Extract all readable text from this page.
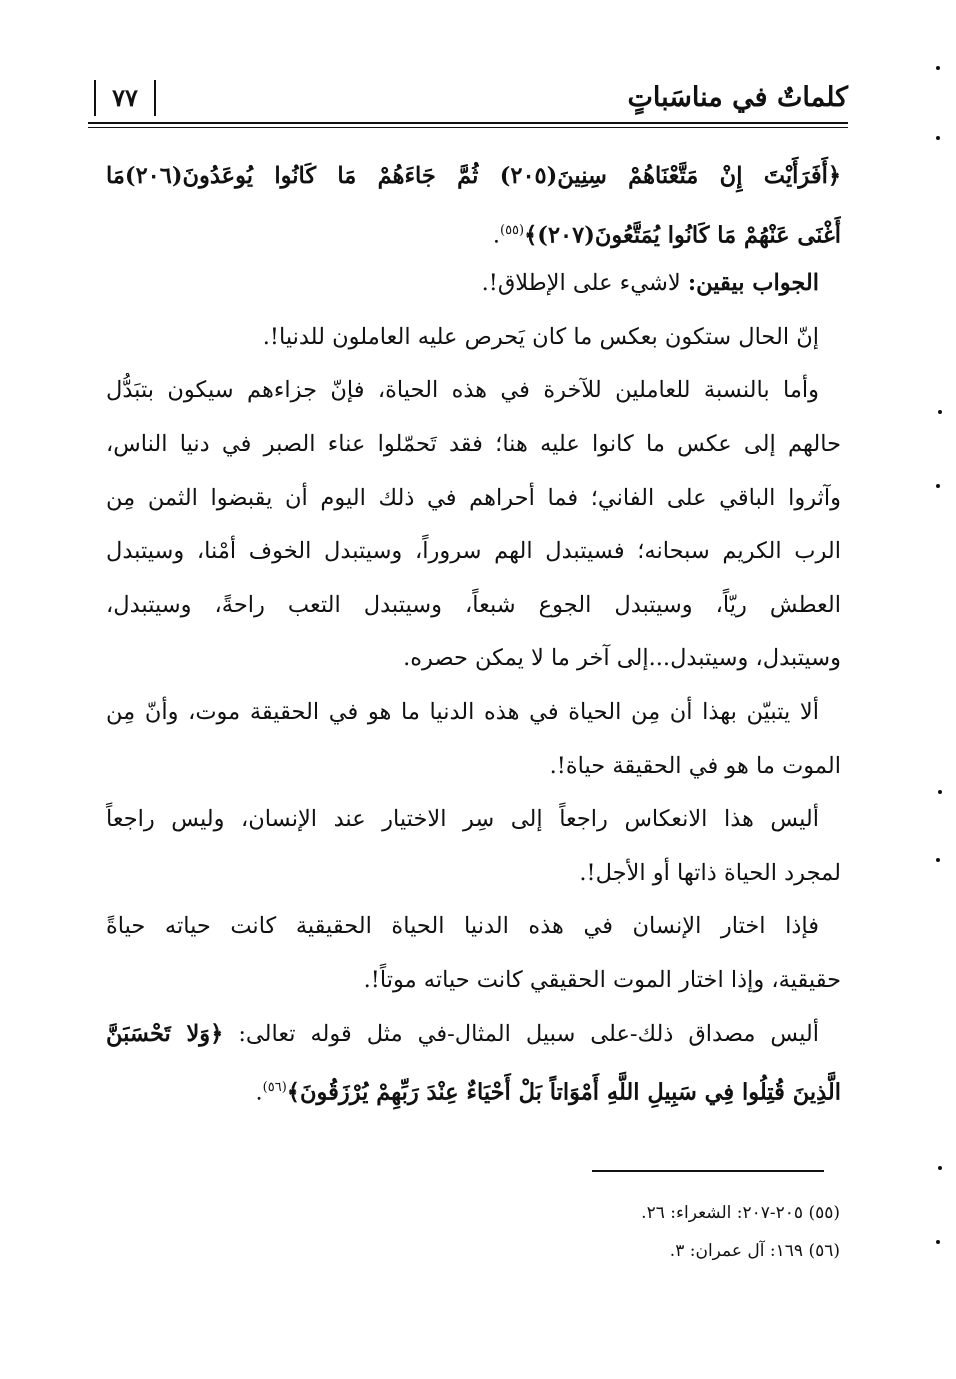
٧٧	كلماتٌ في مناسَباتٍ
﴿أَفَرَأَيْتَ إِنْ مَتَّعْنَاهُمْ سِنِينَ(٢٠٥) ثُمَّ جَاءَهُمْ مَا كَانُوا يُوعَدُونَ(٢٠٦)مَا
أَغْنَى عَنْهُمْ مَا كَانُوا يُمَتَّعُونَ(٢٠٧)﴾$^{(٥٥)}$.
الجواب بيقين: لاشيء على الإطلاق!.
إنّ الحال ستكون بعكس ما كان يَحرص عليه العاملون للدنيا!.
وأما بالنسبة للعاملين للآخرة في هذه الحياة، فإنّ جزاءهم سيكون بتبَدُّل
حالهم إلى عكس ما كانوا عليه هنا؛ فقد تَحمّلوا عناء الصبر في دنيا الناس،
وآثروا الباقي على الفاني؛ فما أحراهم في ذلك اليوم أن يقبضوا الثمن مِن
الرب الكريم سبحانه؛ فسيتبدل الهم سروراً، وسيتبدل الخوف أمْنا، وسيتبدل
العطش ريّاً، وسيتبدل الجوع شبعاً، وسيتبدل التعب راحةً، وسيتبدل،
وسيتبدل، وسيتبدل...إلى آخر ما لا يمكن حصره.
ألا يتبيّن بهذا أن مِن الحياة في هذه الدنيا ما هو في الحقيقة موت، وأنّ مِن
الموت ما هو في الحقيقة حياة!.
أليس هذا الانعكاس راجعاً إلى سِر الاختيار عند الإنسان، وليس راجعاً
لمجرد الحياة ذاتها أو الأجل!.
فإذا اختار الإنسان في هذه الدنيا الحياة الحقيقية كانت حياته حياةً
حقيقية، وإذا اختار الموت الحقيقي كانت حياته موتاً!.
أليس مصداق ذلك-على سبيل المثال-في مثل قوله تعالى: ﴿وَلا تَحْسَبَنَّ
الَّذِينَ قُتِلُوا فِي سَبِيلِ اللَّهِ أَمْوَاتاً بَلْ أَحْيَاءٌ عِنْدَ رَبِّهِمْ يُرْزَقُونَ﴾$^{(٥٦)}$.
(٥٥) ٢٠٥-٢٠٧: الشعراء: ٢٦.
(٥٦) ١٦٩: آل عمران: ٣.
